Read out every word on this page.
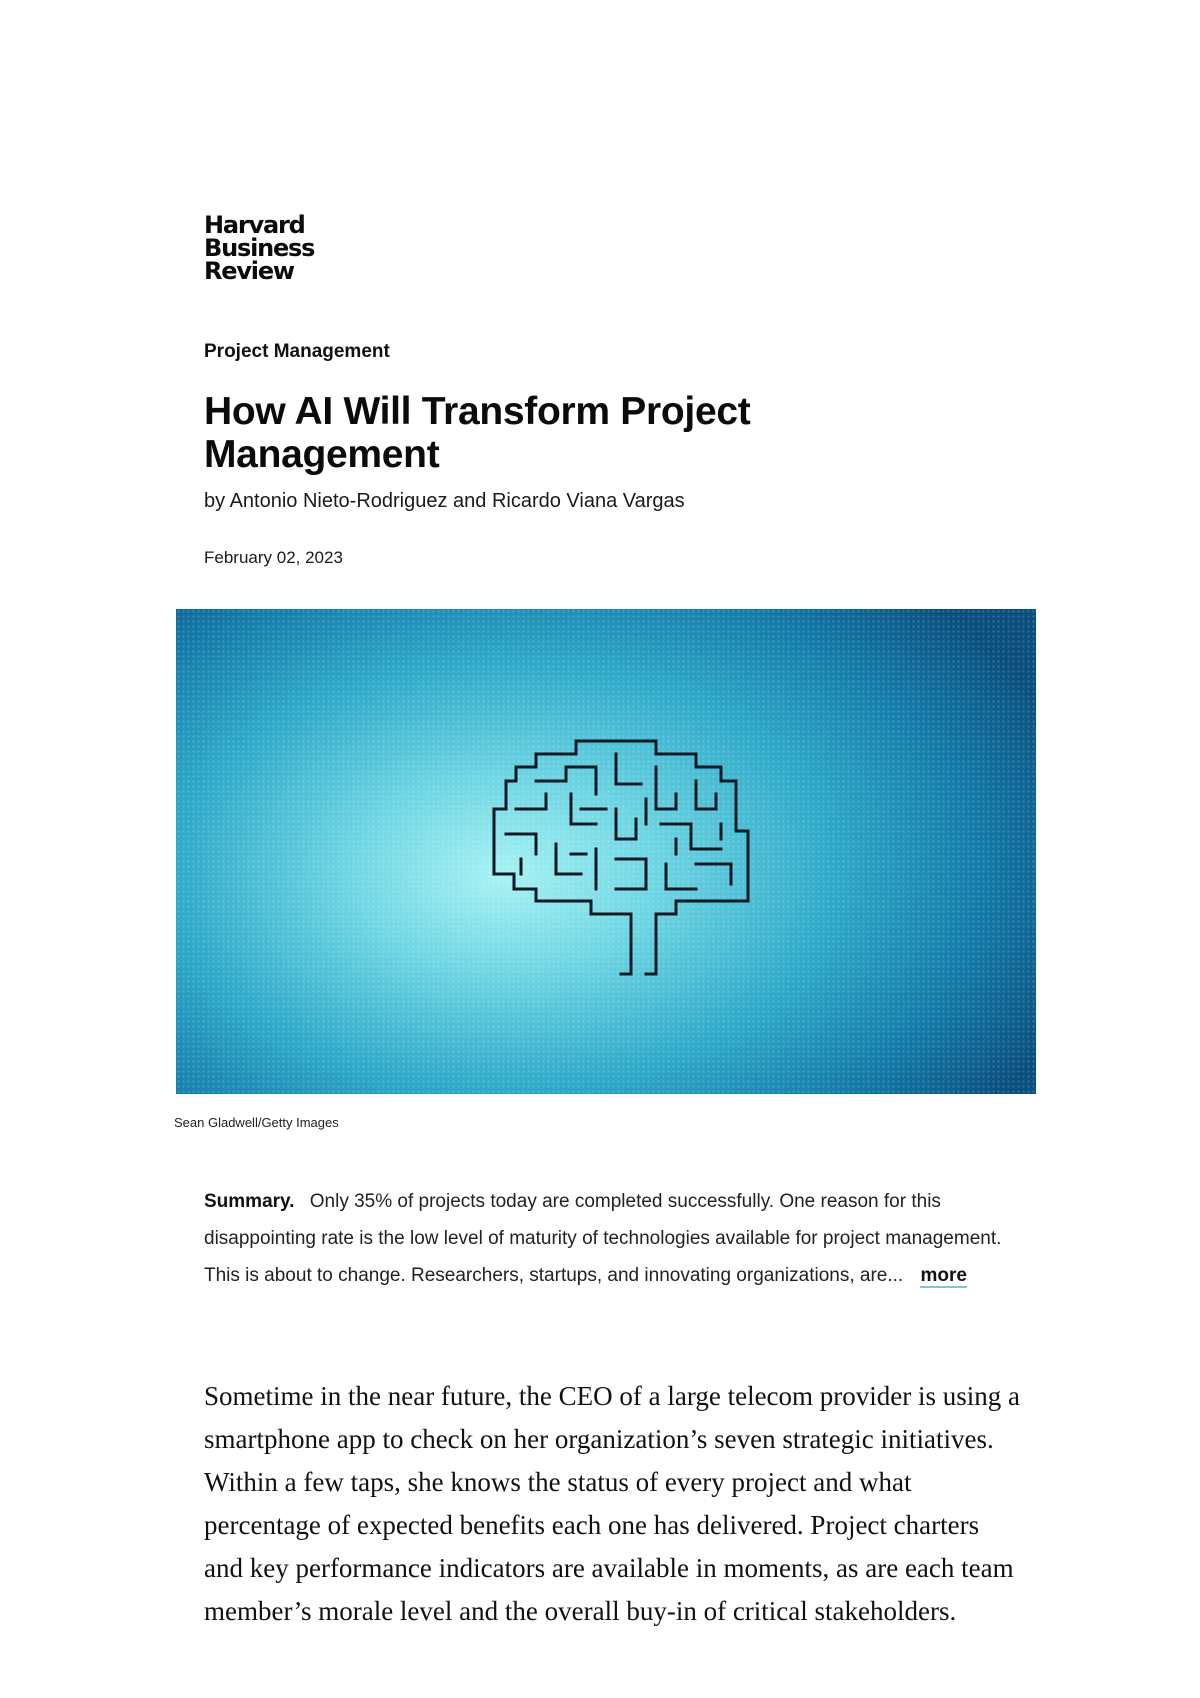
Harvard
Business
Review
Project Management
How AI Will Transform Project Management
by Antonio Nieto-Rodriguez and Ricardo Viana Vargas
February 02, 2023
Sean Gladwell/Getty Images
Summary. Only 35% of projects today are completed successfully. One reason for this disappointing rate is the low level of maturity of technologies available for project management. This is about to change. Researchers, startups, and innovating organizations, are... more

Sometime in the near future, the CEO of a large telecom provider is using a smartphone app to check on her organization’s seven strategic initiatives. Within a few taps, she knows the status of every project and what percentage of expected benefits each one has delivered. Project charters and key performance indicators are available in moments, as are each team member’s morale level and the overall buy-in of critical stakeholders.
